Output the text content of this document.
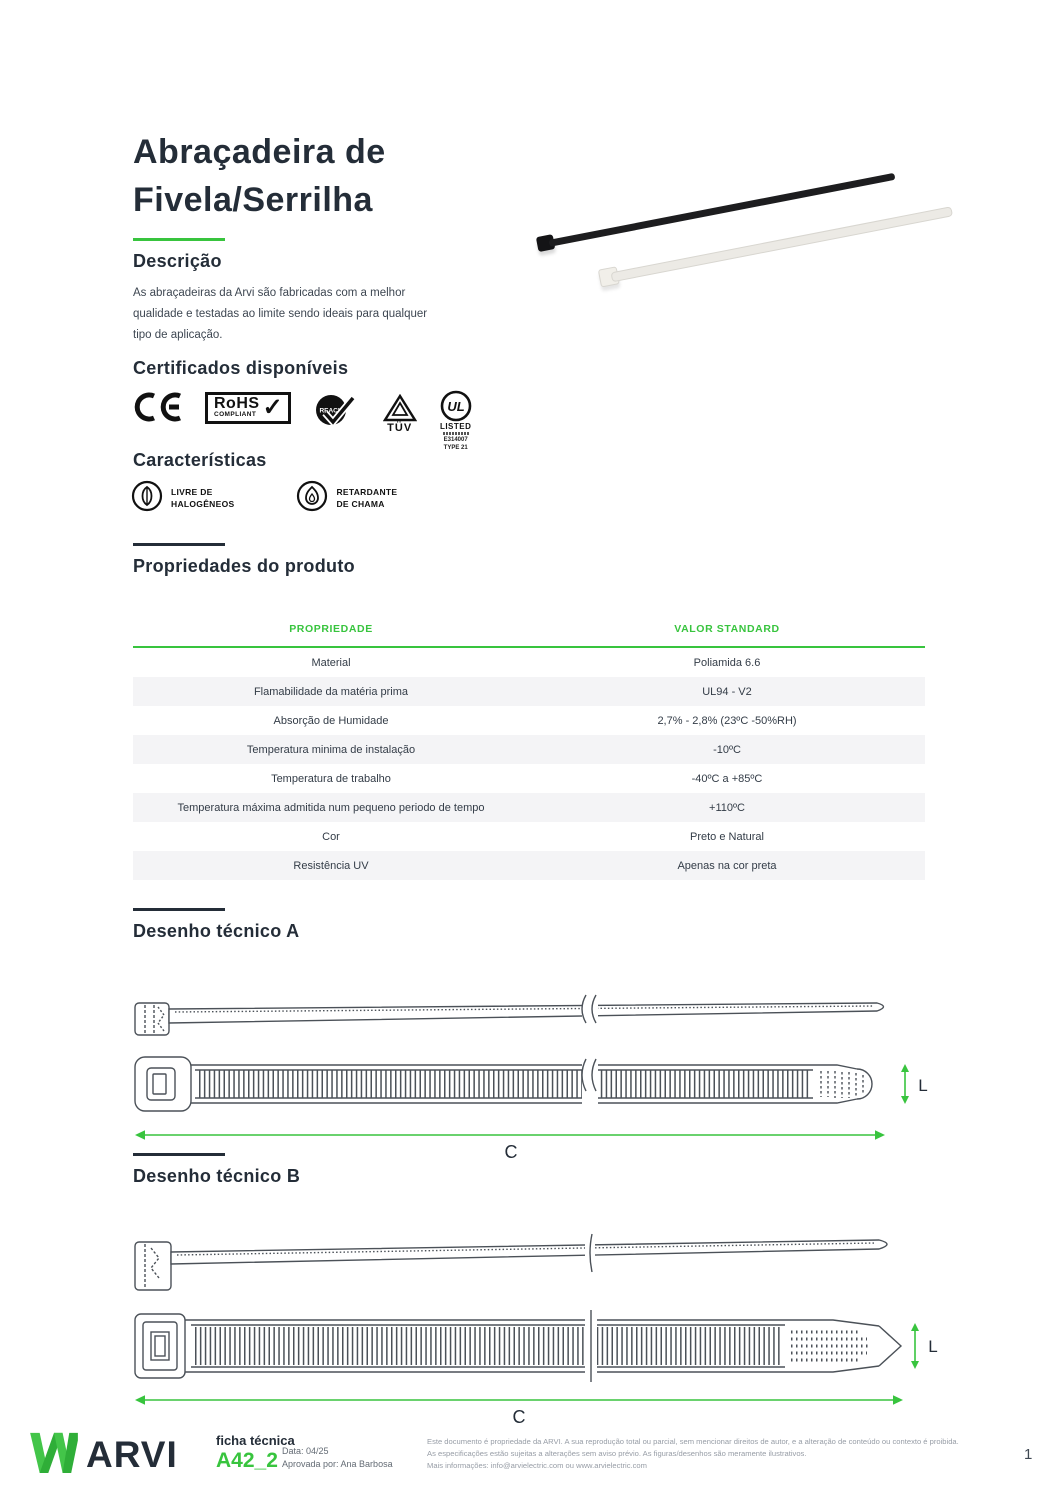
Abraçadeira de
Fivela/Serrilha
Descrição
As abraçadeiras da Arvi são fabricadas com a melhor qualidade e testadas ao limite sendo ideais para qualquer tipo de aplicação.
Certificados disponíveis
RoHS
COMPLIANT ✓	REACH
TÜV
UL
LISTED
E314007
TYPE 21
Características
LIVRE DE
HALOGÊNEOS
RETARDANTE
DE CHAMA
Propriedades do produto
PROPRIEDADE	VALOR STANDARD
Material	Poliamida 6.6
Flamabilidade da matéria prima	UL94 - V2
Absorção de Humidade	2,7% - 2,8% (23ºC -50%RH)
Temperatura minima de instalação	-10ºC
Temperatura de trabalho	-40ºC a +85ºC
Temperatura máxima admitida num pequeno periodo de tempo	+110ºC
Cor	Preto e Natural
Resistência UV	Apenas na cor preta
Desenho técnico A
L
C
Desenho técnico B
L
C
ARVI	ficha técnica
A42_2 Data: 04/25
Aprovada por: Ana Barbosa
Este documento é propriedade da ARVI. A sua reprodução total ou parcial, sem mencionar direitos de autor, e a alteração de conteúdo ou contexto é proibida.
As especificações estão sujeitas a alterações sem aviso prévio. As figuras/desenhos são meramente ilustrativos.
Mais informações: info@arvielectric.com ou www.arvielectric.com
1
